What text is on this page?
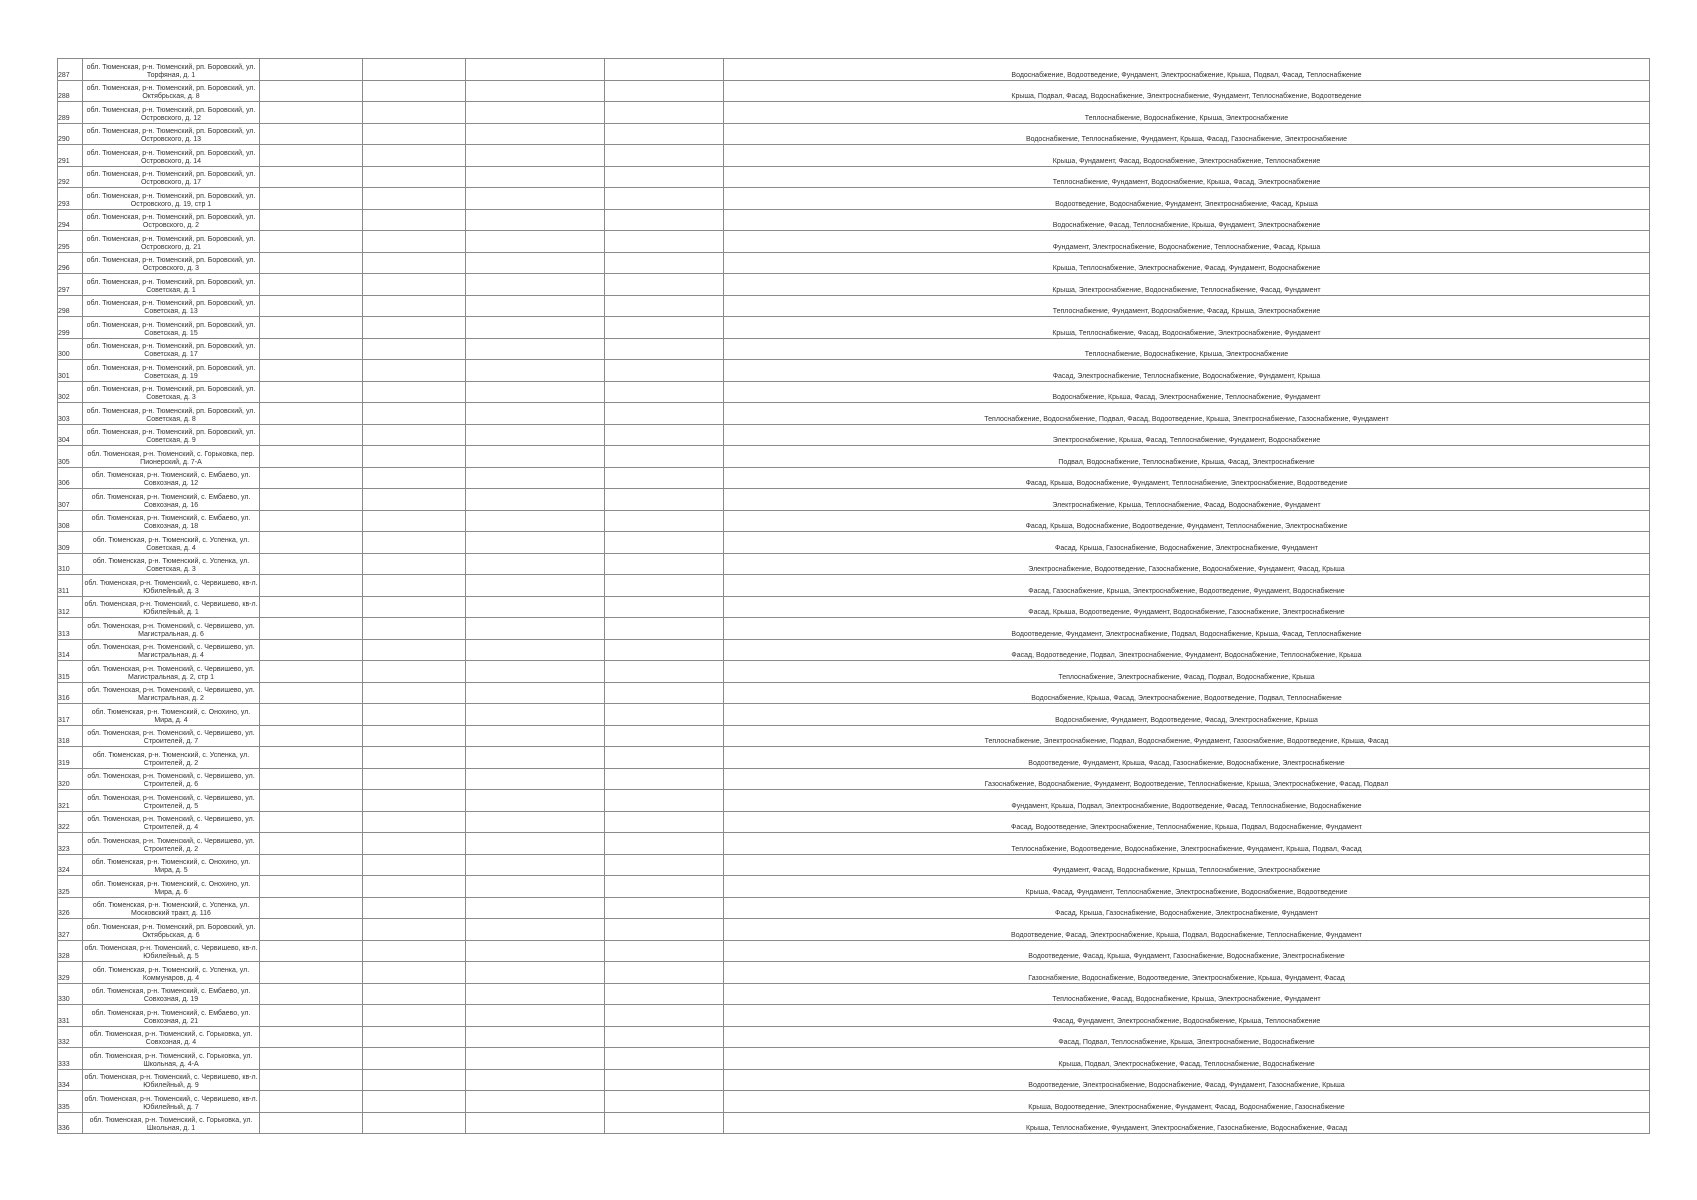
287	обл. Тюменская, р-н. Тюменский, рп. Боровский, ул. Торфяная, д. 1					Водоснабжение, Водоотведение, Фундамент, Электроснабжение, Крыша, Подвал, Фасад, Теплоснабжение
288	обл. Тюменская, р-н. Тюменский, рп. Боровский, ул. Октябрьская, д. 8					Крыша, Подвал, Фасад, Водоснабжение, Электроснабжение, Фундамент, Теплоснабжение, Водоотведение
289	обл. Тюменская, р-н. Тюменский, рп. Боровский, ул. Островского, д. 12					Теплоснабжение, Водоснабжение, Крыша, Электроснабжение
290	обл. Тюменская, р-н. Тюменский, рп. Боровский, ул. Островского, д. 13					Водоснабжение, Теплоснабжение, Фундамент, Крыша, Фасад, Газоснабжение, Электроснабжение
291	обл. Тюменская, р-н. Тюменский, рп. Боровский, ул. Островского, д. 14					Крыша, Фундамент, Фасад, Водоснабжение, Электроснабжение, Теплоснабжение
292	обл. Тюменская, р-н. Тюменский, рп. Боровский, ул. Островского, д. 17					Теплоснабжение, Фундамент, Водоснабжение, Крыша, Фасад, Электроснабжение
293	обл. Тюменская, р-н. Тюменский, рп. Боровский, ул. Островского, д. 19, стр 1					Водоотведение, Водоснабжение, Фундамент, Электроснабжение, Фасад, Крыша
294	обл. Тюменская, р-н. Тюменский, рп. Боровский, ул. Островского, д. 2					Водоснабжение, Фасад, Теплоснабжение, Крыша, Фундамент, Электроснабжение
295	обл. Тюменская, р-н. Тюменский, рп. Боровский, ул. Островского, д. 21					Фундамент, Электроснабжение, Водоснабжение, Теплоснабжение, Фасад, Крыша
296	обл. Тюменская, р-н. Тюменский, рп. Боровский, ул. Островского, д. 3					Крыша, Теплоснабжение, Электроснабжение, Фасад, Фундамент, Водоснабжение
297	обл. Тюменская, р-н. Тюменский, рп. Боровский, ул. Советская, д. 1					Крыша, Электроснабжение, Водоснабжение, Теплоснабжение, Фасад, Фундамент
298	обл. Тюменская, р-н. Тюменский, рп. Боровский, ул. Советская, д. 13					Теплоснабжение, Фундамент, Водоснабжение, Фасад, Крыша, Электроснабжение
299	обл. Тюменская, р-н. Тюменский, рп. Боровский, ул. Советская, д. 15					Крыша, Теплоснабжение, Фасад, Водоснабжение, Электроснабжение, Фундамент
300	обл. Тюменская, р-н. Тюменский, рп. Боровский, ул. Советская, д. 17					Теплоснабжение, Водоснабжение, Крыша, Электроснабжение
301	обл. Тюменская, р-н. Тюменский, рп. Боровский, ул. Советская, д. 19					Фасад, Электроснабжение, Теплоснабжение, Водоснабжение, Фундамент, Крыша
302	обл. Тюменская, р-н. Тюменский, рп. Боровский, ул. Советская, д. 3					Водоснабжение, Крыша, Фасад, Электроснабжение, Теплоснабжение, Фундамент
303	обл. Тюменская, р-н. Тюменский, рп. Боровский, ул. Советская, д. 8					Теплоснабжение, Водоснабжение, Подвал, Фасад, Водоотведение, Крыша, Электроснабжение, Газоснабжение, Фундамент
304	обл. Тюменская, р-н. Тюменский, рп. Боровский, ул. Советская, д. 9					Электроснабжение, Крыша, Фасад, Теплоснабжение, Фундамент, Водоснабжение
305	обл. Тюменская, р-н. Тюменский, с. Горьковка, пер. Пионерский, д. 7-А					Подвал, Водоснабжение, Теплоснабжение, Крыша, Фасад, Электроснабжение
306	обл. Тюменская, р-н. Тюменский, с. Ембаево, ул. Совхозная, д. 12					Фасад, Крыша, Водоснабжение, Фундамент, Теплоснабжение, Электроснабжение, Водоотведение
307	обл. Тюменская, р-н. Тюменский, с. Ембаево, ул. Совхозная, д. 16					Электроснабжение, Крыша, Теплоснабжение, Фасад, Водоснабжение, Фундамент
308	обл. Тюменская, р-н. Тюменский, с. Ембаево, ул. Совхозная, д. 18					Фасад, Крыша, Водоснабжение, Водоотведение, Фундамент, Теплоснабжение, Электроснабжение
309	обл. Тюменская, р-н. Тюменский, с. Успенка, ул. Советская, д. 4					Фасад, Крыша, Газоснабжение, Водоснабжение, Электроснабжение, Фундамент
310	обл. Тюменская, р-н. Тюменский, с. Успенка, ул. Советская, д. 3					Электроснабжение, Водоотведение, Газоснабжение, Водоснабжение, Фундамент, Фасад, Крыша
311	обл. Тюменская, р-н. Тюменский, с. Червишево, кв-л. Юбилейный, д. 3					Фасад, Газоснабжение, Крыша, Электроснабжение, Водоотведение, Фундамент, Водоснабжение
312	обл. Тюменская, р-н. Тюменский, с. Червишево, кв-л. Юбилейный, д. 1					Фасад, Крыша, Водоотведение, Фундамент, Водоснабжение, Газоснабжение, Электроснабжение
313	обл. Тюменская, р-н. Тюменский, с. Червишево, ул. Магистральная, д. 6					Водоотведение, Фундамент, Электроснабжение, Подвал, Водоснабжение, Крыша, Фасад, Теплоснабжение
314	обл. Тюменская, р-н. Тюменский, с. Червишево, ул. Магистральная, д. 4					Фасад, Водоотведение, Подвал, Электроснабжение, Фундамент, Водоснабжение, Теплоснабжение, Крыша
315	обл. Тюменская, р-н. Тюменский, с. Червишево, ул. Магистральная, д. 2, стр 1					Теплоснабжение, Электроснабжение, Фасад, Подвал, Водоснабжение, Крыша
316	обл. Тюменская, р-н. Тюменский, с. Червишево, ул. Магистральная, д. 2					Водоснабжение, Крыша, Фасад, Электроснабжение, Водоотведение, Подвал, Теплоснабжение
317	обл. Тюменская, р-н. Тюменский, с. Онохино, ул. Мира, д. 4					Водоснабжение, Фундамент, Водоотведение, Фасад, Электроснабжение, Крыша
318	обл. Тюменская, р-н. Тюменский, с. Червишево, ул. Строителей, д. 7					Теплоснабжение, Электроснабжение, Подвал, Водоснабжение, Фундамент, Газоснабжение, Водоотведение, Крыша, Фасад
319	обл. Тюменская, р-н. Тюменский, с. Успенка, ул. Строителей, д. 2					Водоотведение, Фундамент, Крыша, Фасад, Газоснабжение, Водоснабжение, Электроснабжение
320	обл. Тюменская, р-н. Тюменский, с. Червишево, ул. Строителей, д. 6					Газоснабжение, Водоснабжение, Фундамент, Водоотведение, Теплоснабжение, Крыша, Электроснабжение, Фасад, Подвал
321	обл. Тюменская, р-н. Тюменский, с. Червишево, ул. Строителей, д. 5					Фундамент, Крыша, Подвал, Электроснабжение, Водоотведение, Фасад, Теплоснабжение, Водоснабжение
322	обл. Тюменская, р-н. Тюменский, с. Червишево, ул. Строителей, д. 4					Фасад, Водоотведение, Электроснабжение, Теплоснабжение, Крыша, Подвал, Водоснабжение, Фундамент
323	обл. Тюменская, р-н. Тюменский, с. Червишево, ул. Строителей, д. 2					Теплоснабжение, Водоотведение, Водоснабжение, Электроснабжение, Фундамент, Крыша, Подвал, Фасад
324	обл. Тюменская, р-н. Тюменский, с. Онохино, ул. Мира, д. 5					Фундамент, Фасад, Водоснабжение, Крыша, Теплоснабжение, Электроснабжение
325	обл. Тюменская, р-н. Тюменский, с. Онохино, ул. Мира, д. 6					Крыша, Фасад, Фундамент, Теплоснабжение, Электроснабжение, Водоснабжение, Водоотведение
326	обл. Тюменская, р-н. Тюменский, с. Успенка, ул. Московский тракт, д. 116					Фасад, Крыша, Газоснабжение, Водоснабжение, Электроснабжение, Фундамент
327	обл. Тюменская, р-н. Тюменский, рп. Боровский, ул. Октябрьская, д. 6					Водоотведение, Фасад, Электроснабжение, Крыша, Подвал, Водоснабжение, Теплоснабжение, Фундамент
328	обл. Тюменская, р-н. Тюменский, с. Червишево, кв-л. Юбилейный, д. 5					Водоотведение, Фасад, Крыша, Фундамент, Газоснабжение, Водоснабжение, Электроснабжение
329	обл. Тюменская, р-н. Тюменский, с. Успенка, ул. Коммунаров, д. 4					Газоснабжение, Водоснабжение, Водоотведение, Электроснабжение, Крыша, Фундамент, Фасад
330	обл. Тюменская, р-н. Тюменский, с. Ембаево, ул. Совхозная, д. 19					Теплоснабжение, Фасад, Водоснабжение, Крыша, Электроснабжение, Фундамент
331	обл. Тюменская, р-н. Тюменский, с. Ембаево, ул. Совхозная, д. 21					Фасад, Фундамент, Электроснабжение, Водоснабжение, Крыша, Теплоснабжение
332	обл. Тюменская, р-н. Тюменский, с. Горьковка, ул. Совхозная, д. 4					Фасад, Подвал, Теплоснабжение, Крыша, Электроснабжение, Водоснабжение
333	обл. Тюменская, р-н. Тюменский, с. Горьковка, ул. Школьная, д. 4-А					Крыша, Подвал, Электроснабжение, Фасад, Теплоснабжение, Водоснабжение
334	обл. Тюменская, р-н. Тюменский, с. Червишево, кв-л. Юбилейный, д. 9					Водоотведение, Электроснабжение, Водоснабжение, Фасад, Фундамент, Газоснабжение, Крыша
335	обл. Тюменская, р-н. Тюменский, с. Червишево, кв-л. Юбилейный, д. 7					Крыша, Водоотведение, Электроснабжение, Фундамент, Фасад, Водоснабжение, Газоснабжение
336	обл. Тюменская, р-н. Тюменский, с. Горьковка, ул. Школьная, д. 1					Крыша, Теплоснабжение, Фундамент, Электроснабжение, Газоснабжение, Водоснабжение, Фасад
